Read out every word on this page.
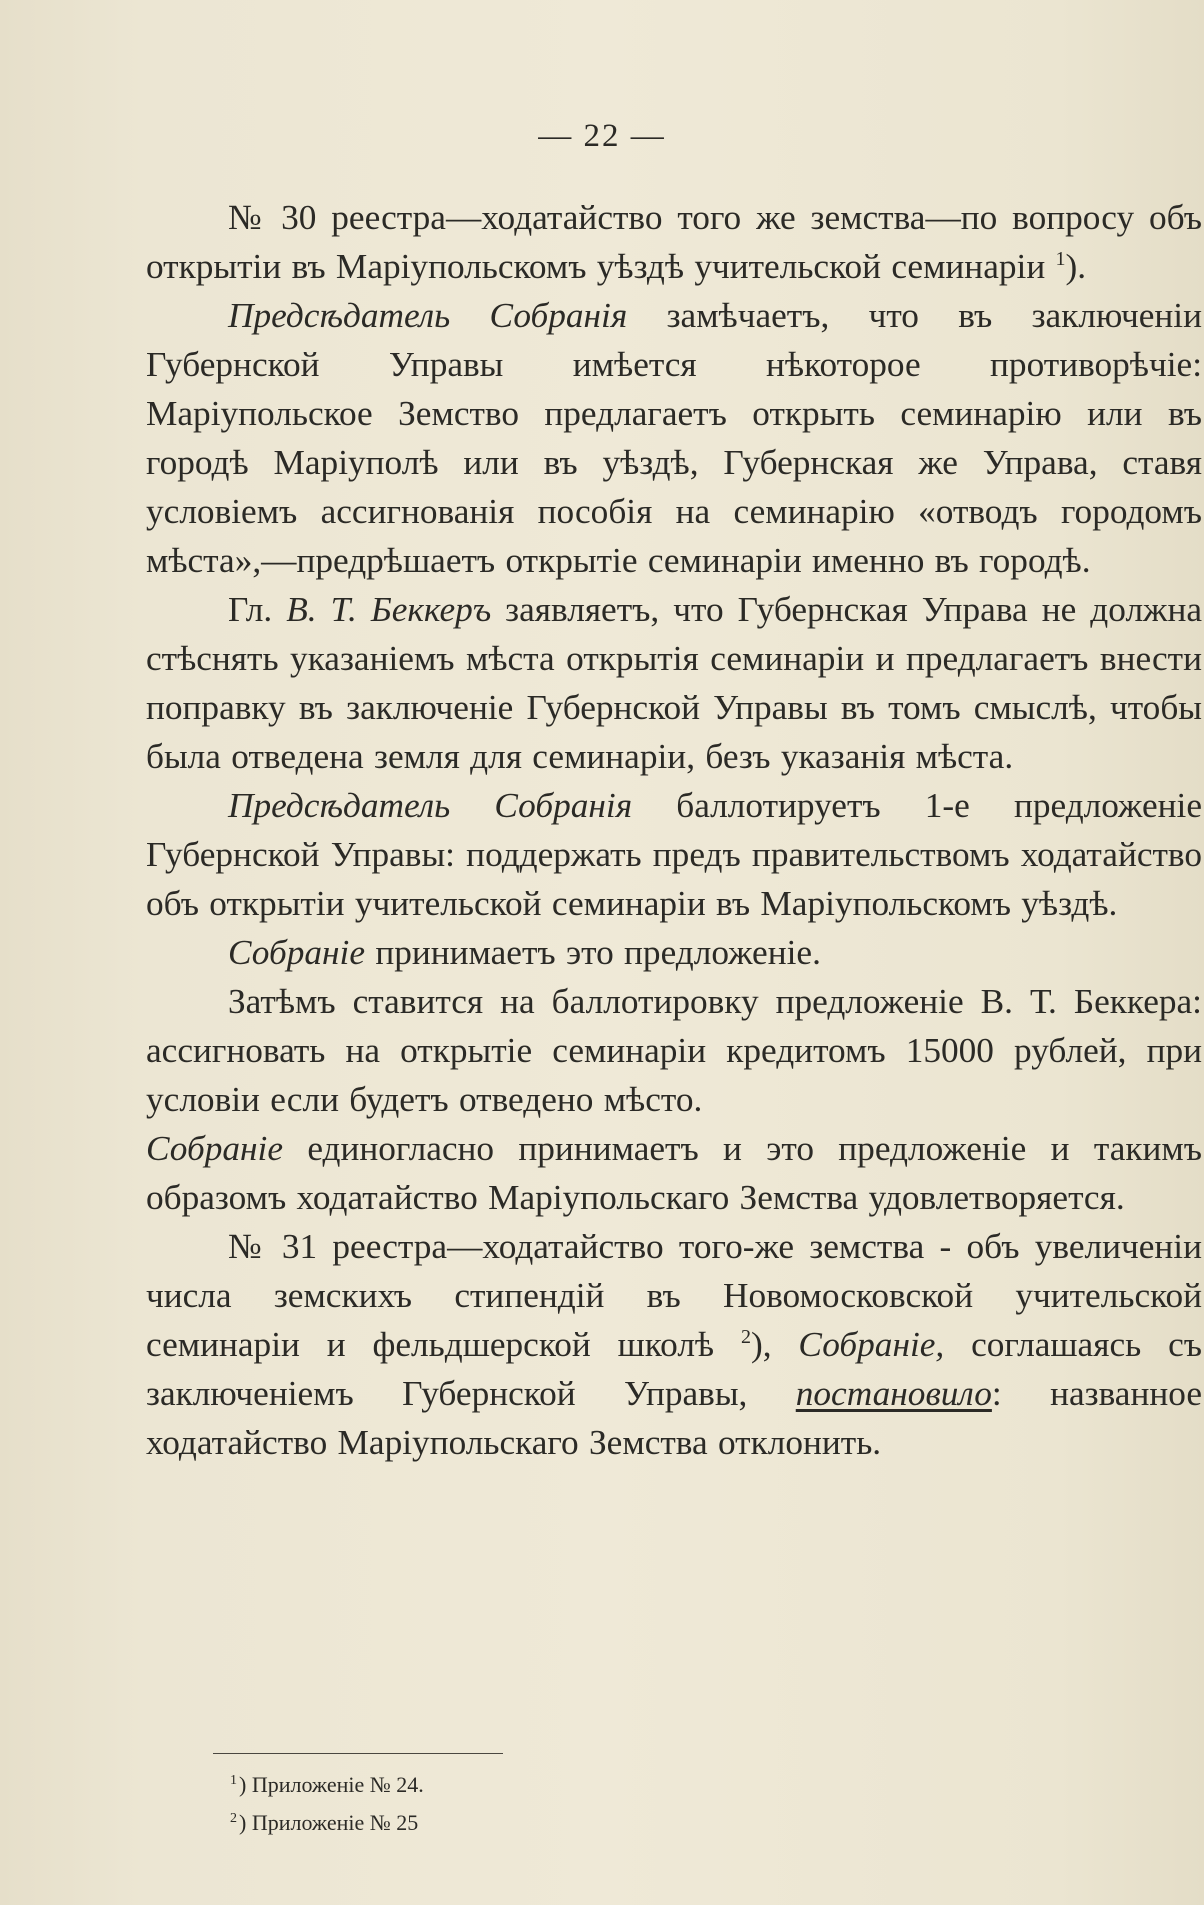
— 22 —

№ 30 реестра—ходатайство того же земства—по вопросу объ открытіи въ Маріупольскомъ уѣздѣ учительской семинаріи $^1$).

Предсѣдатель Собранія замѣчаетъ, что въ заключеніи Губернской Управы имѣется нѣкоторое противорѣчіе: Маріупольское Земство предлагаетъ открыть семинарію или въ городѣ Маріуполѣ или въ уѣздѣ, Губернская же Управа, ставя условіемъ ассигнованія пособія на семинарію «отводъ городомъ мѣста»,—предрѣшаетъ открытіе семинаріи именно въ городѣ.

Гл. В. Т. Беккеръ заявляетъ, что Губернская Управа не должна стѣснять указаніемъ мѣста открытія семинаріи и предлагаетъ внести поправку въ заключеніе Губернской Управы въ томъ смыслѣ, чтобы была отведена земля для семинаріи, безъ указанія мѣста.

Предсѣдатель Собранія баллотируетъ 1-е предложеніе Губернской Управы: поддержать предъ правительствомъ ходатайство объ открытіи учительской семинаріи въ Маріупольскомъ уѣздѣ.

Собраніе принимаетъ это предложеніе.

Затѣмъ ставится на баллотировку предложеніе В. Т. Беккера: ассигновать на открытіе семинаріи кредитомъ 15000 рублей, при условіи если будетъ отведено мѣсто.

Собраніе единогласно принимаетъ и это предложеніе и такимъ образомъ ходатайство Маріупольскаго Земства удовлетворяется.

№ 31 реестра—ходатайство того-же земства - объ увеличеніи числа земскихъ стипендій въ Новомосковской учительской семинаріи и фельдшерской школѣ $^2$), Собраніе, соглашаясь съ заключеніемъ Губернской Управы, постановило: названное ходатайство Маріупольскаго Земства отклонить.

$^1$) Приложеніе № 24.
$^2$) Приложеніе № 25
